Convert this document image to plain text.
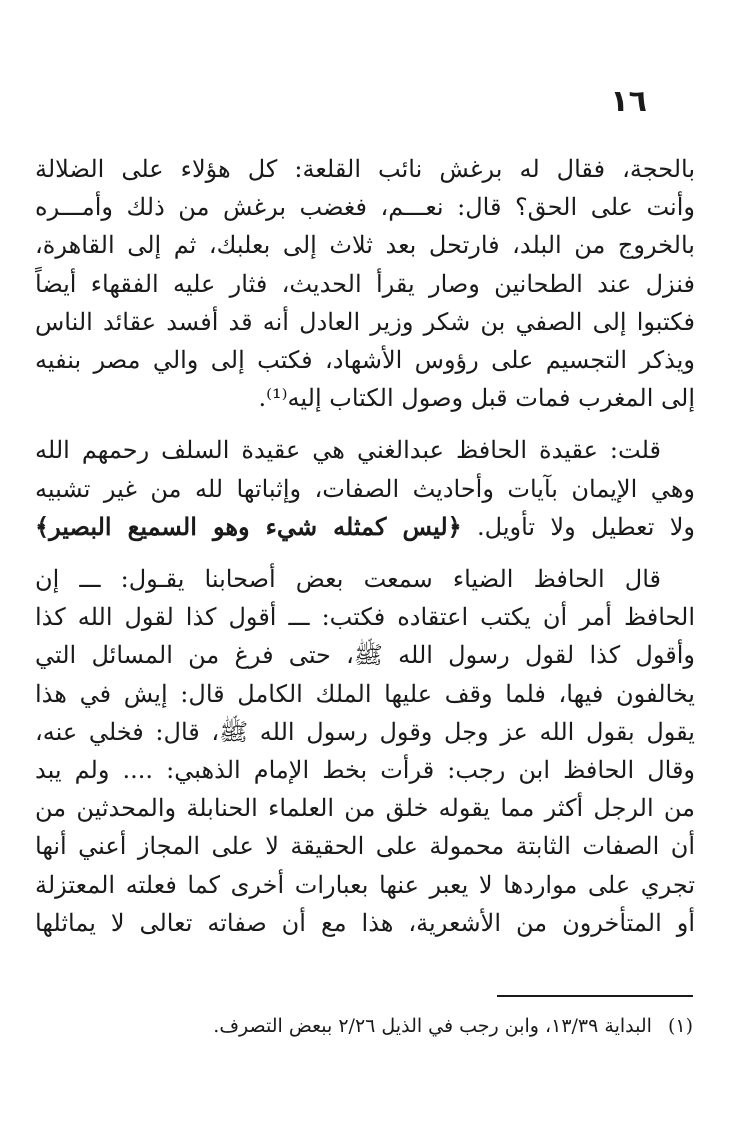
١٦

بالحجة، فقال له برغش نائب القلعة: كل هؤلاء على الضلالة
وأنت على الحق؟ قال: نعـــم، فغضب برغش من ذلك وأمـــره
بالخروج من البلد، فارتحل بعد ثلاث إلى بعلبك، ثم إلى القاهرة،
فنزل عند الطحانين وصار يقرأ الحديث، فثار عليه الفقهاء أيضاً
فكتبوا إلى الصفي بن شكر وزير العادل أنه قد أفسد عقائد الناس
ويذكر التجسيم على رؤوس الأشهاد، فكتب إلى والي مصر بنفيه
إلى المغرب فمات قبل وصول الكتاب إليه⁽¹⁾.

قلت: عقيدة الحافظ عبدالغني هي عقيدة السلف رحمهم الله
وهي الإيمان بآيات وأحاديث الصفات، وإثباتها لله من غير تشبيه
ولا تعطيل ولا تأويل. ﴿ليس كمثله شيء وهو السميع البصير﴾

قال الحافظ الضياء سمعت بعض أصحابنا يقـول: ـــ إن
الحافظ أمر أن يكتب اعتقاده فكتب: ـــ أقول كذا لقول الله كذا
وأقول كذا لقول رسول الله ﷺ، حتى فرغ من المسائل التي
يخالفون فيها، فلما وقف عليها الملك الكامل قال: إيش في هذا
يقول بقول الله عز وجل وقول رسول الله ﷺ، قال: فخلي عنه،
وقال الحافظ ابن رجب: قرأت بخط الإمام الذهبي: .... ولم يبد
من الرجل أكثر مما يقوله خلق من العلماء الحنابلة والمحدثين من
أن الصفات الثابتة محمولة على الحقيقة لا على المجاز أعني أنها
تجري على مواردها لا يعبر عنها بعبارات أخرى كما فعلته المعتزلة
أو المتأخرون من الأشعرية، هذا مع أن صفاته تعالى لا يماثلها

(١)البداية ١٣/٣٩، وابن رجب في الذيل ٢/٢٦ ببعض التصرف.
